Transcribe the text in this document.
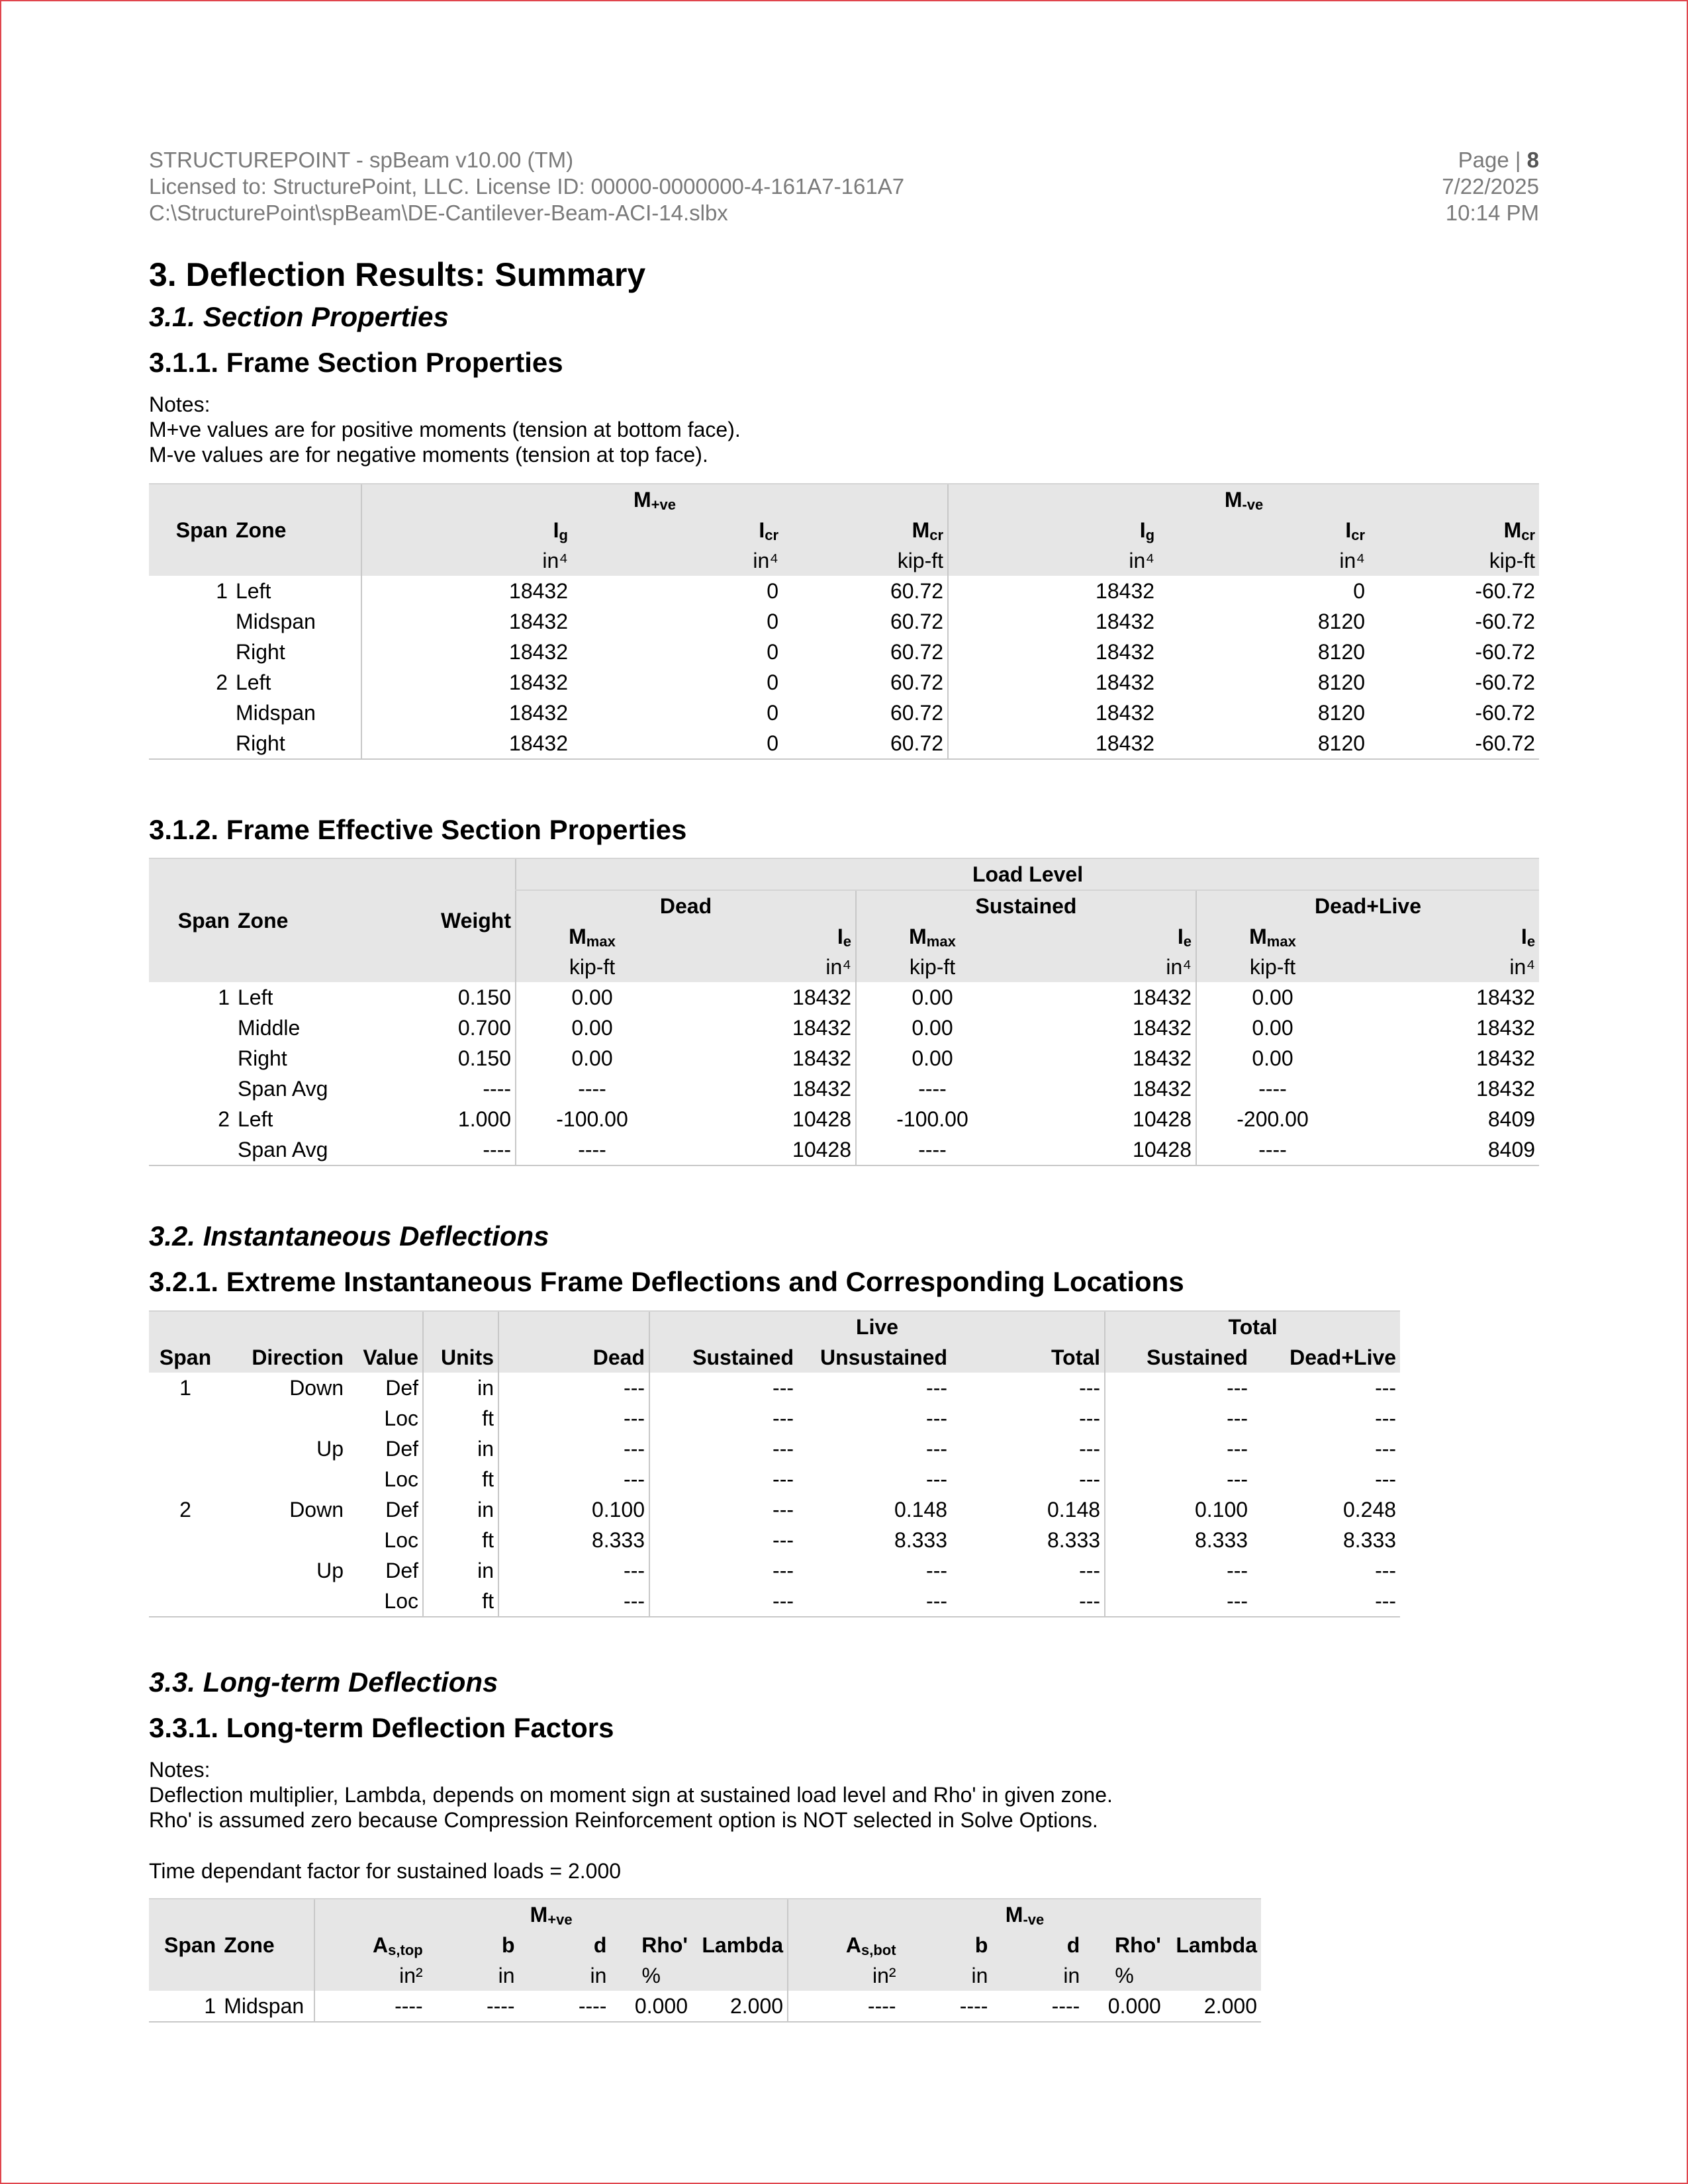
STRUCTUREPOINT - spBeam v10.00 (TM)
Licensed to: StructurePoint, LLC. License ID: 00000-0000000-4-161A7-161A7
C:\StructurePoint\spBeam\DE-Cantilever-Beam-ACI-14.slbx
Page | 8
7/22/2025
10:14 PM
3. Deflection Results: Summary
3.1. Section Properties
3.1.1. Frame Section Properties
Notes:
M+ve values are for positive moments (tension at bottom face).
M-ve values are for negative moments (tension at top face).
Span	Zone	$M_{+ve}$			$M_{-ve}$
		$I_g$	$I_{cr}$	$M_{cr}$	$I_g$	$I_{cr}$	$M_{cr}$
		in⁴	in⁴	kip-ft	in⁴	in⁴	kip-ft
1	Left	18432	0	60.72	18432	0	-60.72
	Midspan	18432	0	60.72	18432	8120	-60.72
	Right	18432	0	60.72	18432	8120	-60.72
2	Left	18432	0	60.72	18432	8120	-60.72
	Midspan	18432	0	60.72	18432	8120	-60.72
	Right	18432	0	60.72	18432	8120	-60.72
3.1.2. Frame Effective Section Properties
Span	Zone	Weight	Load Level					
			Dead		Sustained		Dead+Live	
			$M_{max}$	$I_e$	$M_{max}$	$I_e$	$M_{max}$	$I_e$
			kip-ft	in⁴	kip-ft	in⁴	kip-ft	in⁴
1	Left	0.150	0.00	18432	0.00	18432	0.00	18432
	Middle	0.700	0.00	18432	0.00	18432	0.00	18432
	Right	0.150	0.00	18432	0.00	18432	0.00	18432
	Span Avg	----	----	18432	----	18432	----	18432
2	Left	1.000	-100.00	10428	-100.00	10428	-200.00	8409
	Span Avg	----	----	10428	----	10428	----	8409
3.2. Instantaneous Deflections
3.2.1. Extreme Instantaneous Frame Deflections and Corresponding Locations
					Live			Total	
Span	Direction	Value	Units	Dead	Sustained	Unsustained	Total	Sustained	Dead+Live
1	Down	Def	in	---	---	---	---	---	---
		Loc	ft	---	---	---	---	---	---
	Up	Def	in	---	---	---	---	---	---
		Loc	ft	---	---	---	---	---	---
2	Down	Def	in	0.100	---	0.148	0.148	0.100	0.248
		Loc	ft	8.333	---	8.333	8.333	8.333	8.333
	Up	Def	in	---	---	---	---	---	---
		Loc	ft	---	---	---	---	---	---
3.3. Long-term Deflections
3.3.1. Long-term Deflection Factors
Notes:
Deflection multiplier, Lambda, depends on moment sign at sustained load level and Rho' in given zone.
Rho' is assumed zero because Compression Reinforcement option is NOT selected in Solve Options.
Time dependant factor for sustained loads = 2.000
Span	Zone	$M_{+ve}$					$M_{-ve}$
		$A_{s,top}$	b	d	Rho'	Lambda	$A_{s,bot}$	b	d	Rho'	Lambda
		in²	in	in	%		in²	in	in	%	
1	Midspan	----	----	----	0.000	2.000	----	----	----	0.000	2.000
